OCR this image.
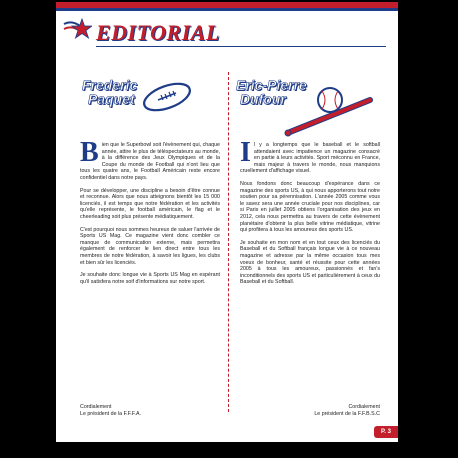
EDITORIAL
Frederic
Paquet
Eric-Pierre
Dufour

B ien que le Superbowl soit l'évènement qui, chaque année, attire le plus de téléspectateurs au monde, à la différence des Jeux Olympiques et de la Coupe du monde de Football qui n'ont lieu que tous les quatre ans, le Football Américain reste encore confidentiel dans notre pays.

Pour se développer, une discipline a besoin d'être connue et reconnue. Alors que nous atteignons bientôt les 15 000 licenciés, il est temps que notre fédération et les activités qu'elle représente, le football américain, le flag et le cheerleading soit plus présente médiatiquement.

C'est pourquoi nous sommes heureux de saluer l'arrivée de Sports US Mag. Ce magazine vient donc combler ce manque de communication externe, mais permettra également de renforcer le lien direct entre tous les membres de notre fédération, à savoir les ligues, les clubs et bien sûr les licenciés.

Je souhaite donc longue vie à Sports US Mag en espérant qu'il satisfera notre soif d'informations sur notre sport.

I l y a longtemps que le baseball et le softball attendaient avec impatience un magazine consacré en partie à leurs activités. Sport méconnu en France, mais majeur à travers le monde, nous manquions cruellement d'affichage visuel.

Nous fondons donc beaucoup d'espérance dans ce magazine des sports US, à qui nous apporterons tout notre soutien pour sa pérennisation. L'année 2005 comme vous le savez sera une année cruciale pour nos disciplines, car si Paris en juillet 2005 obtiens l'organisation des jeux en 2012, cela nous permettra au travers de cette évènement planétaire d'obtenir la plus belle vitrine médiatique, vitrine qui profitera à tous les amoureux des sports US.

Je souhaite en mon nom et en tout ceux des licenciés du Baseball et du Softball français longue vie à ce nouveau magazine et adresse par la même occasion tous mes voeux de bonheur, santé et réussite pour cette années 2005 à tous les amoureux, passionnés et fan's inconditionnels des sports US et particulièrement à ceux du Baseball et du Softball.

Cordialement
Le président de la F.F.F.A.
Cordialement
Le président de la F.F.B.S.C
P. 3
